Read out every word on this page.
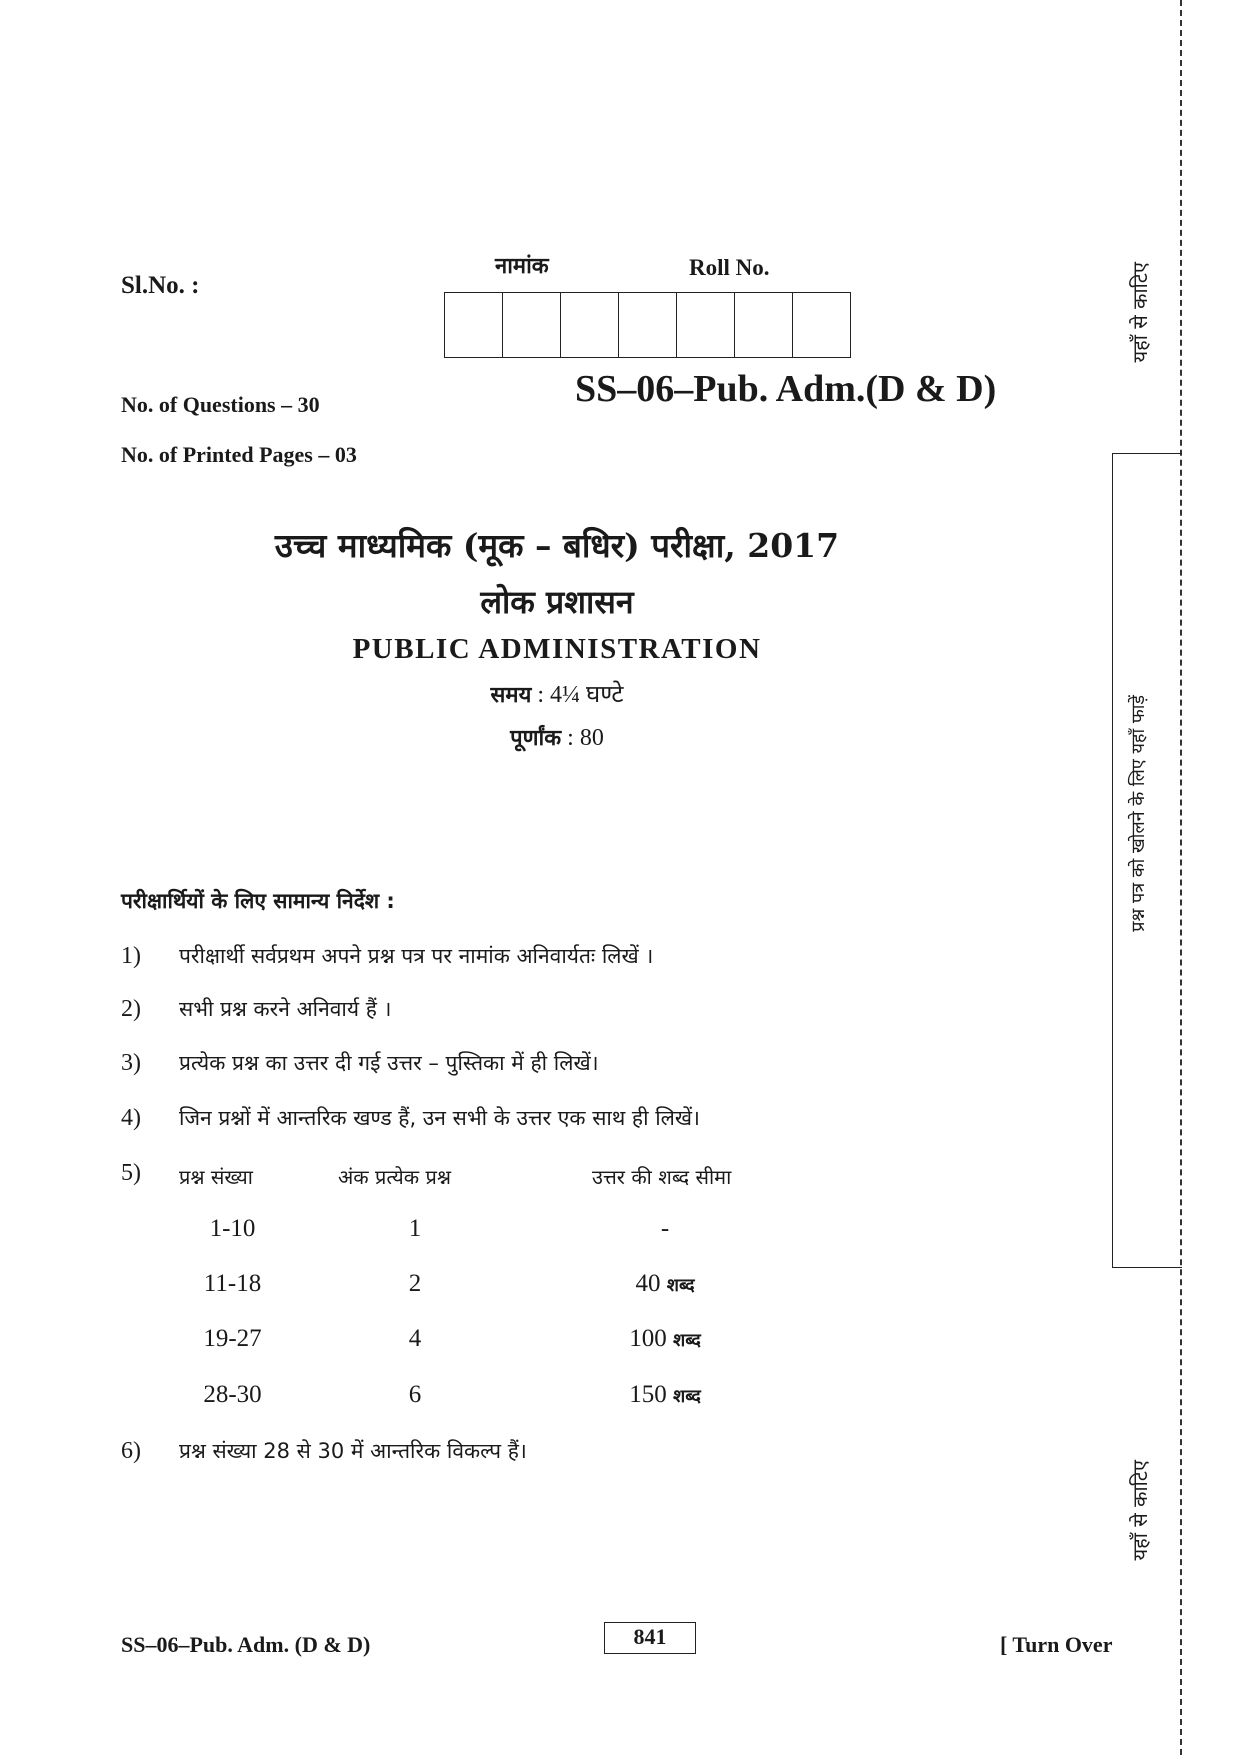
Sl.No. :
नामांक	Roll No.
SS–06–Pub. Adm.(D & D)
No. of Questions – 30
No. of Printed Pages – 03
उच्च माध्यमिक (मूक – बधिर) परीक्षा, 2017
लोक प्रशासन
PUBLIC ADMINISTRATION
समय : 4¼ घण्टे
पूर्णांक : 80
परीक्षार्थियों के लिए सामान्य निर्देश :
1) परीक्षार्थी सर्वप्रथम अपने प्रश्न पत्र पर नामांक अनिवार्यतः लिखें ।
2) सभी प्रश्न करने अनिवार्य हैं ।
3) प्रत्येक प्रश्न का उत्तर दी गई उत्तर – पुस्तिका में ही लिखें।
4) जिन प्रश्नों में आन्तरिक खण्ड हैं, उन सभी के उत्तर एक साथ ही लिखें।
5)	प्रश्न संख्या	अंक प्रत्येक प्रश्न	उत्तर की शब्द सीमा
1-10	1	-
11-18	2	40 शब्द
19-27	4	100 शब्द
28-30	6	150 शब्द
6) प्रश्न संख्या 28 से 30 में आन्तरिक विकल्प हैं।
SS–06–Pub. Adm. (D & D)	841	[ Turn Over
यहाँ से काटिए
प्रश्न पत्र को खोलने के लिए यहाँ फाड़ें
यहाँ से काटिए
